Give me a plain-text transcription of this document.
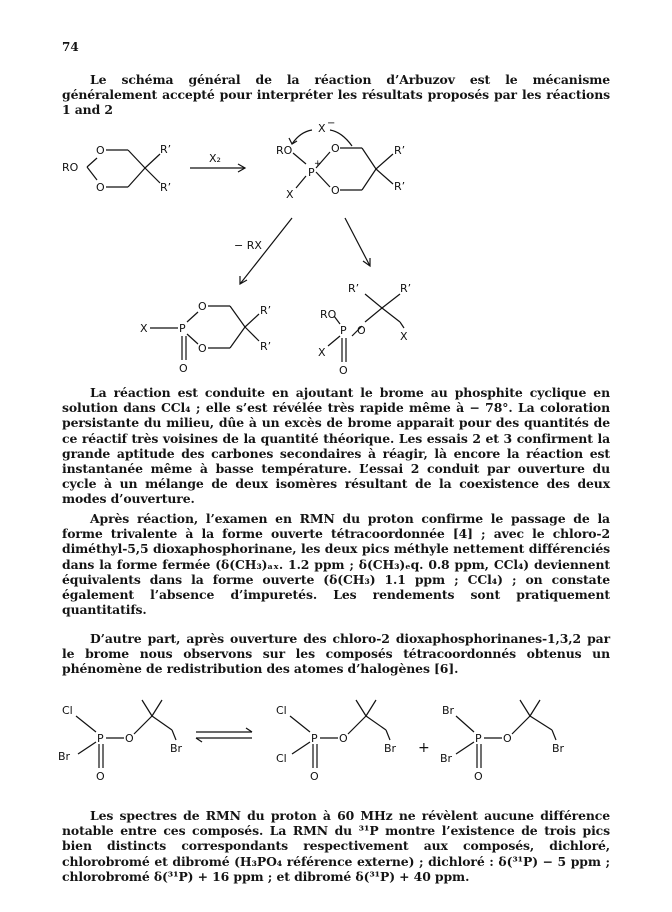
74

Le schéma général de la réaction d’Arbuzov est le mécanisme généralement accepté pour interpréter les résultats proposés par les réactions 1 and 2

RO
O
O
R’
R’
X₂
X −
RO
P
+
O
O
X
R’
R’
− RX
X	P
O
O
O
R’
R’
R’	R’
X
O
RO
P
X
O

La réaction est conduite en ajoutant le brome au phosphite cyclique en solution dans CCl₄ ; elle s’est révélée très rapide même à − 78°. La coloration persistante du milieu, dûe à un excès de brome apparait pour des quantités de ce réactif très voisines de la quantité théorique. Les essais 2 et 3 confirment la grande aptitude des carbones secondaires à réagir, là encore la réaction est instantanée même à basse température. L’essai 2 conduit par ouverture du cycle à un mélange de deux isomères résultant de la coexistence des deux modes d’ouverture.

Après réaction, l’examen en RMN du proton confirme le passage de la forme trivalente à la forme ouverte tétracoordonnée [4] ; avec le chloro-2 diméthyl-5,5 dioxaphosphorinane, les deux pics méthyle nettement différenciés dans la forme fermée (δ(CH₃)ₐₓ. 1.2 ppm ; δ(CH₃)ₑq. 0.8 ppm, CCl₄) deviennent équivalents dans la forme ouverte (δ(CH₃) 1.1 ppm ; CCl₄) ; on constate également l’absence d’impuretés. Les rendements sont pratiquement quantitatifs.

D’autre part, après ouverture des chloro-2 dioxaphosphorinanes-1,3,2 par le brome nous observons sur les composés tétracoordonnés obtenus un phénomène de redistribution des atomes d’halogènes [6].

Cl
P O
Br
O
Br
Cl
P O
Cl
O
Br +
Br
P O
Br
O
Br

Les spectres de RMN du proton à 60 MHz ne révèlent aucune différence notable entre ces composés. La RMN du ³¹P montre l’existence de trois pics bien distincts correspondants respectivement aux composés, dichloré, chlorobromé et dibromé (H₃PO₄ référence externe) ; dichloré : δ(³¹P) − 5 ppm ; chlorobromé δ(³¹P) + 16 ppm ; et dibromé δ(³¹P) + 40 ppm.
